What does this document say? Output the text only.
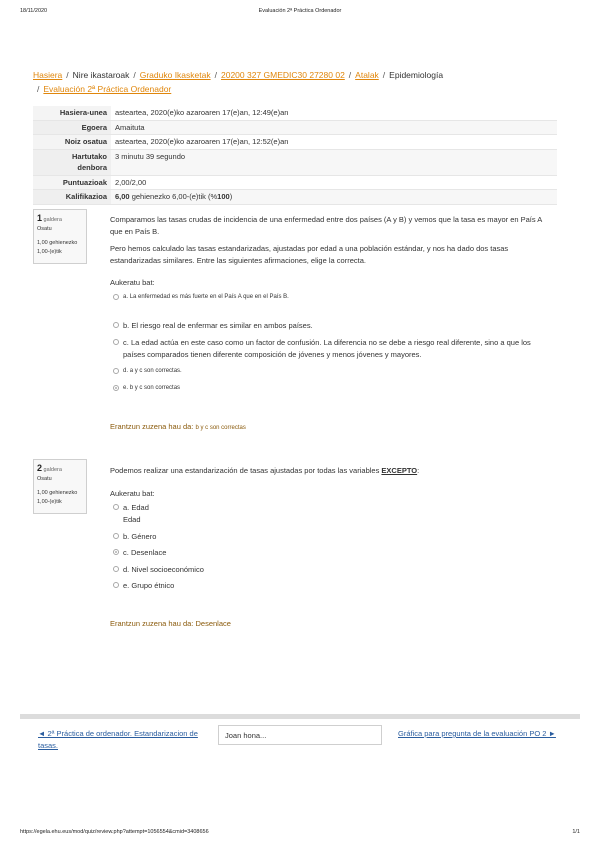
18/11/2020	Evaluación 2ª Práctica Ordenador
Hasiera / Nire ikastaroak / Graduko Ikasketak / 20200 327 GMEDIC30 27280 02 / Atalak / Epidemiología
/ Evaluación 2ª Práctica Ordenador
Hasiera-unea	asteartea, 2020(e)ko azaroaren 17(e)an, 12:49(e)an
Egoera	Amaituta
Noiz osatua	asteartea, 2020(e)ko azaroaren 17(e)an, 12:52(e)an
Hartutako
denbora	3 minutu 39 segundo
Puntuazioak	2,00/2,00
Kalifikazioa	6,00 gehienezko 6,00-(e)tik (%100)
1 galdera
Osatu
1,00 gehienezko
1,00-(e)tik

Comparamos las tasas crudas de incidencia de una enfermedad entre dos países (A y B) y vemos que la tasa es mayor en País A que en País B.

Pero hemos calculado las tasas estandarizadas, ajustadas por edad a una población estándar, y nos ha dado dos tasas estandarizadas similares. Entre las siguientes afirmaciones, elige la correcta.

Aukeratu bat:
a. La enfermedad es más fuerte en el País A que en el País B.
b. El riesgo real de enfermar es similar en ambos países.
c. La edad actúa en este caso como un factor de confusión. La diferencia no se debe a riesgo real diferente, sino a que los países comparados tienen diferente composición de jóvenes y menos jóvenes y mayores.
d. a y c son correctas.
e. b y c son correctas
Erantzun zuzena hau da: b y c son correctas
2 galdera
Osatu
1,00 gehienezko
1,00-(e)tik
Podemos realizar una estandarización de tasas ajustadas por todas las variables EXCEPTO:
Aukeratu bat:
a. Edad
Edad
b. Género
c. Desenlace
d. Nivel socioeconómico
e. Grupo étnico
Erantzun zuzena hau da: Desenlace
◄ 2ª Práctica de ordenador. Estandarizacion de tasas.
Joan hona...	Gráfica para pregunta de la evaluación PO 2 ►
https://egela.ehu.eus/mod/quiz/review.php?attempt=1056554&cmid=3408656	1/1
